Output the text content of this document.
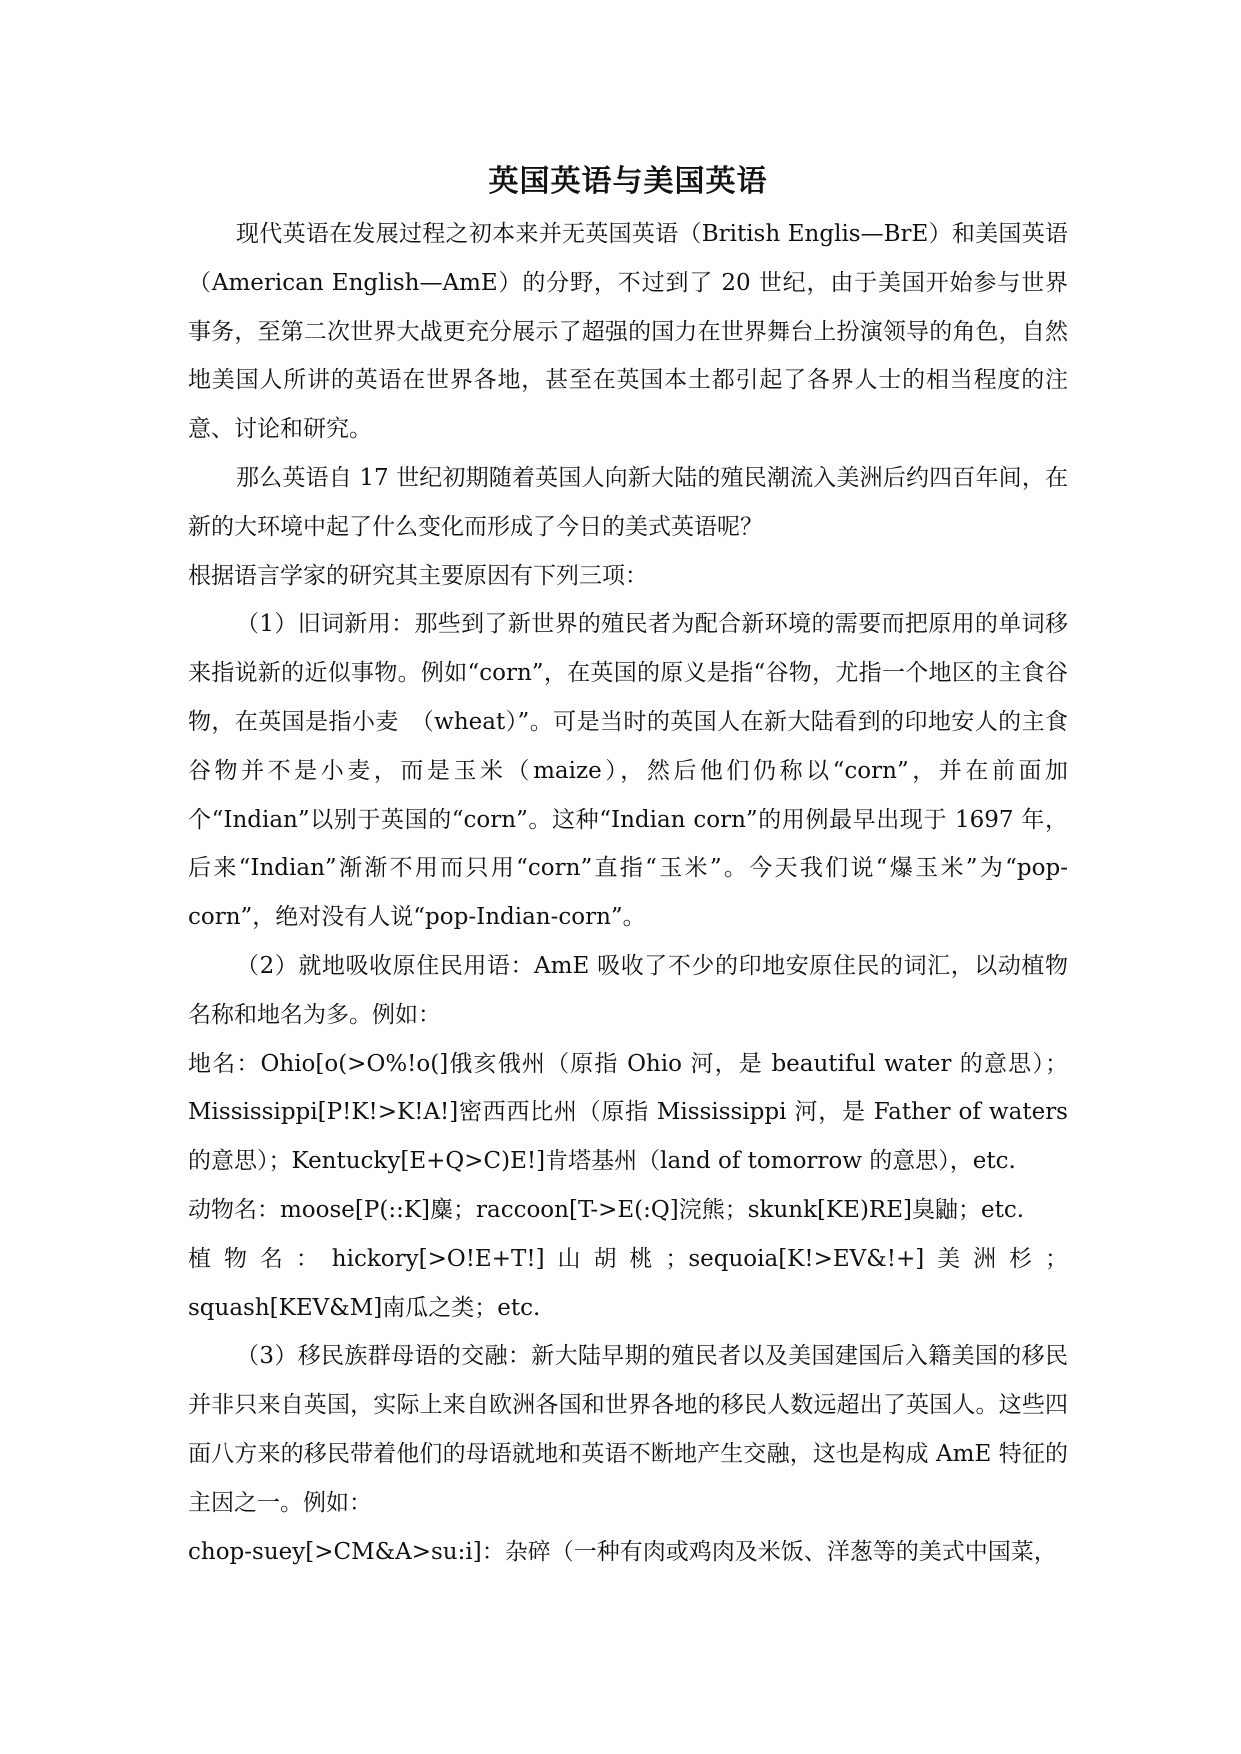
英国英语与美国英语

现代英语在发展过程之初本来并无英国英语（British Englis—BrE）和美国英语（American English—AmE）的分野，不过到了 20 世纪，由于美国开始参与世界事务，至第二次世界大战更充分展示了超强的国力在世界舞台上扮演领导的角色，自然地美国人所讲的英语在世界各地，甚至在英国本土都引起了各界人士的相当程度的注意、讨论和研究。

那么英语自 17 世纪初期随着英国人向新大陆的殖民潮流入美洲后约四百年间，在新的大环境中起了什么变化而形成了今日的美式英语呢？

根据语言学家的研究其主要原因有下列三项：

（1）旧词新用：那些到了新世界的殖民者为配合新环境的需要而把原用的单词移来指说新的近似事物。例如“corn”，在英国的原义是指“谷物，尤指一个地区的主食谷物，在英国是指小麦　（wheat）”。可是当时的英国人在新大陆看到的印地安人的主食谷物并不是小麦，而是玉米（maize），然后他们仍称以“corn”，并在前面加个“Indian”以别于英国的“corn”。这种“Indian corn”的用例最早出现于 1697 年，后来“Indian”渐渐不用而只用“corn”直指“玉米”。今天我们说“爆玉米”为“pop-corn”，绝对没有人说“pop-Indian-corn”。

（2）就地吸收原住民用语：AmE 吸收了不少的印地安原住民的词汇，以动植物名称和地名为多。例如：

地名：Ohio[o(>O%!o(]俄亥俄州（原指 Ohio 河，是 beautiful water 的意思）；Mississippi[P!K!>K!A!]密西西比州（原指 Mississippi 河，是 Father of waters 的意思）；Kentucky[E+Q>C)E!]肯塔基州（land of tomorrow 的意思），etc.

动物名：moose[P(::K]麋；raccoon[T->E(:Q]浣熊；skunk[KE)RE]臭鼬；etc.

植物名：hickory[>O!E+T!]山胡桃；sequoia[K!>EV&!+]美洲杉；squash[KEV&M]南瓜之类；etc.

（3）移民族群母语的交融：新大陆早期的殖民者以及美国建国后入籍美国的移民并非只来自英国，实际上来自欧洲各国和世界各地的移民人数远超出了英国人。这些四面八方来的移民带着他们的母语就地和英语不断地产生交融，这也是构成 AmE 特征的主因之一。例如：

chop-suey[>CM&A>su:i]：杂碎（一种有肉或鸡肉及米饭、洋葱等的美式中国菜，
